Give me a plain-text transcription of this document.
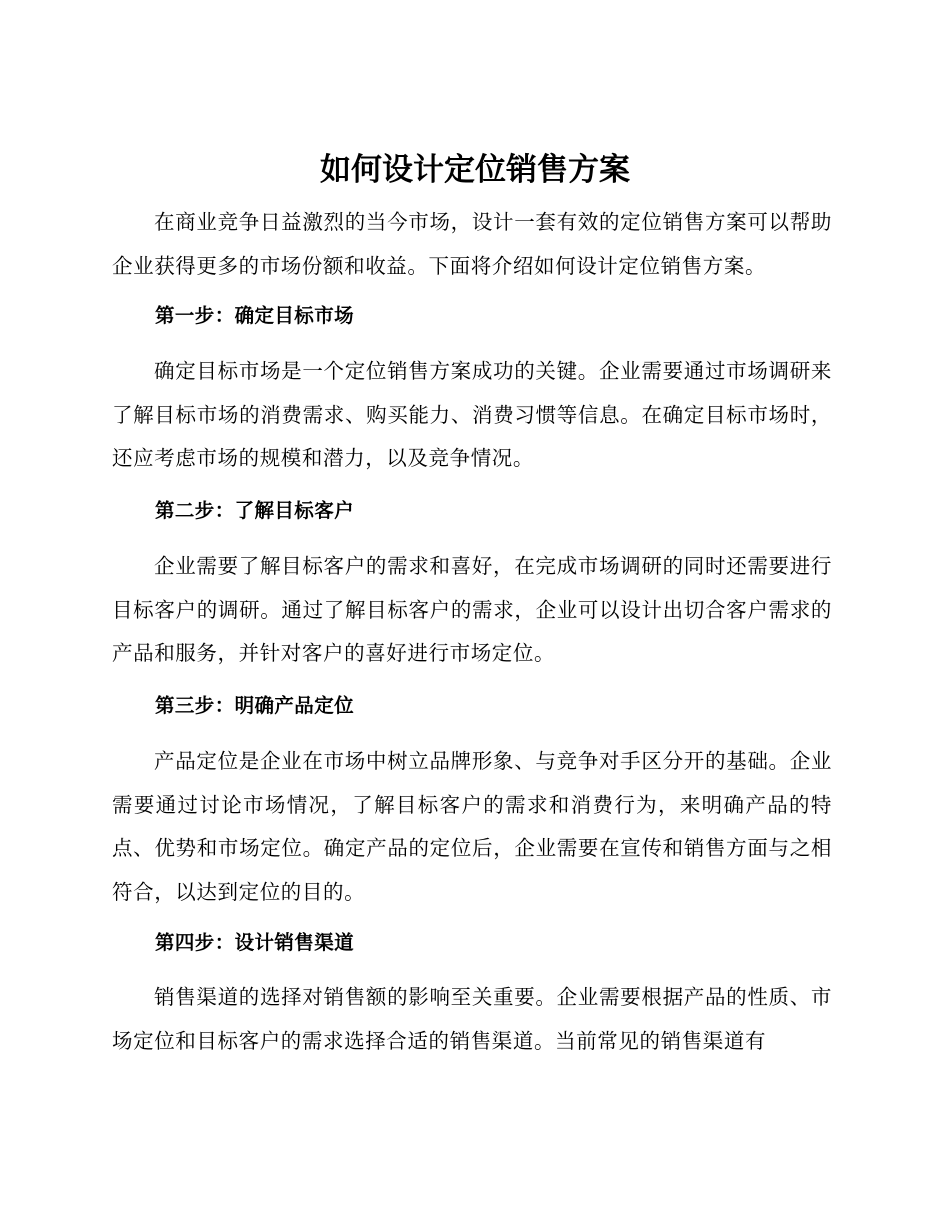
如何设计定位销售方案

在商业竞争日益激烈的当今市场，设计一套有效的定位销售方案可以帮助企业获得更多的市场份额和收益。下面将介绍如何设计定位销售方案。

第一步：确定目标市场

确定目标市场是一个定位销售方案成功的关键。企业需要通过市场调研来了解目标市场的消费需求、购买能力、消费习惯等信息。在确定目标市场时，还应考虑市场的规模和潜力，以及竞争情况。

第二步：了解目标客户

企业需要了解目标客户的需求和喜好，在完成市场调研的同时还需要进行目标客户的调研。通过了解目标客户的需求，企业可以设计出切合客户需求的产品和服务，并针对客户的喜好进行市场定位。

第三步：明确产品定位

产品定位是企业在市场中树立品牌形象、与竞争对手区分开的基础。企业需要通过讨论市场情况，了解目标客户的需求和消费行为，来明确产品的特点、优势和市场定位。确定产品的定位后，企业需要在宣传和销售方面与之相符合，以达到定位的目的。

第四步：设计销售渠道

销售渠道的选择对销售额的影响至关重要。企业需要根据产品的性质、市场定位和目标客户的需求选择合适的销售渠道。当前常见的销售渠道有
